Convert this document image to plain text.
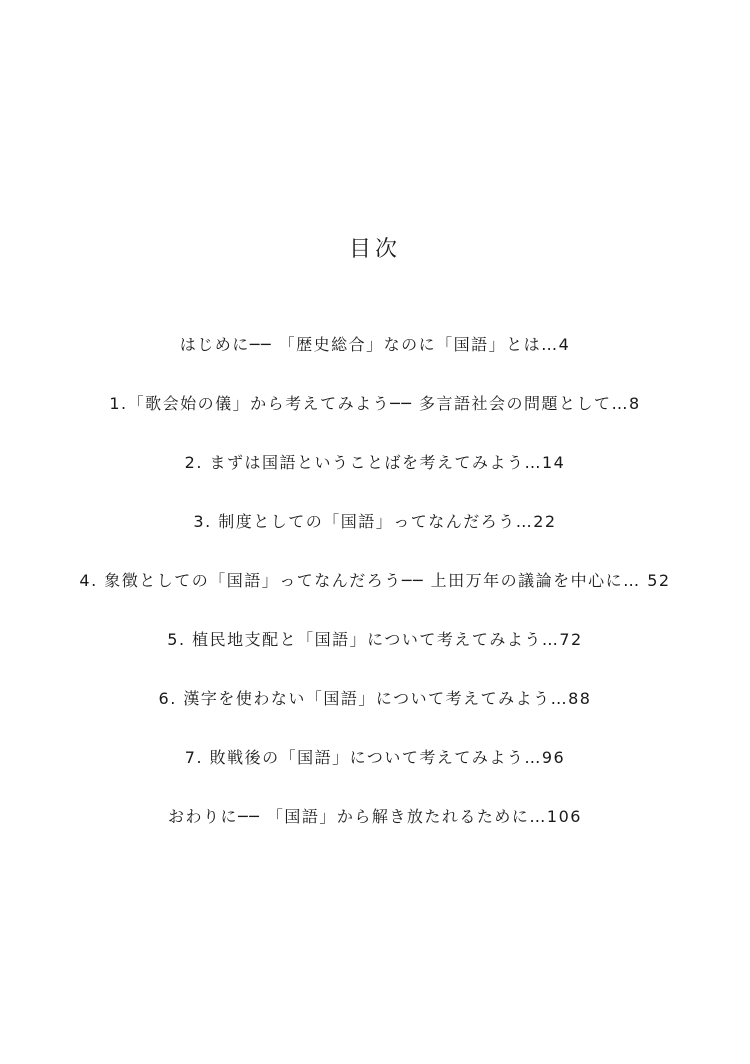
目次
はじめに── 「歴史総合」なのに「国語」とは…4
1.「歌会始の儀」から考えてみよう── 多言語社会の問題として…8
2. まずは国語ということばを考えてみよう…14
3. 制度としての「国語」ってなんだろう…22
4. 象徴としての「国語」ってなんだろう── 上田万年の議論を中心に… 52
5. 植民地支配と「国語」について考えてみよう…72
6. 漢字を使わない「国語」について考えてみよう…88
7. 敗戦後の「国語」について考えてみよう…96
おわりに── 「国語」から解き放たれるために…106
